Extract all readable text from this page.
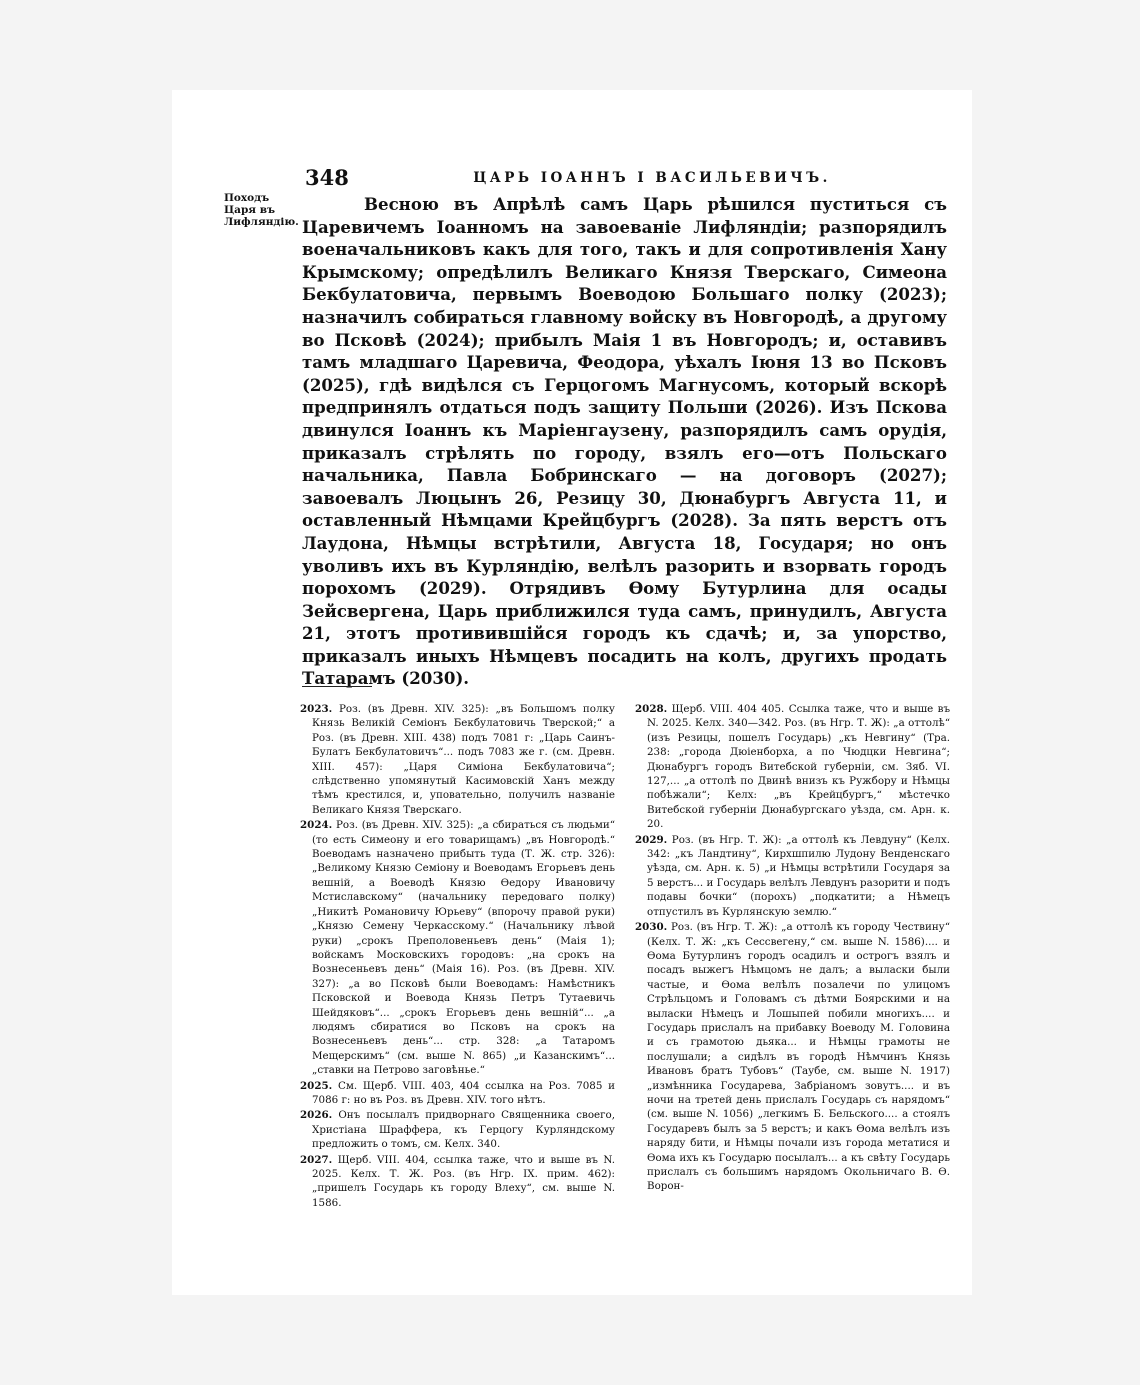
348	ЦАРЬ ІОАННЪ І ВАСИЛЬЕВИЧЪ.
Походъ Царя въ Лифляндію.
Весною въ Апрѣлѣ самъ Царь рѣшился пуститься съ Царевичемъ Іоанномъ на завоеваніе Лифляндіи; разпорядилъ военачальниковъ какъ для того, такъ и для сопротивленія Хану Крымскому; опредѣлилъ Великаго Князя Тверскаго, Симеона Бекбулатовича, первымъ Воеводою Большаго полку (2023); назначилъ собираться главному войску въ Новгородѣ, а другому во Псковѣ (2024); прибылъ Маія 1 въ Новгородъ; и, оставивъ тамъ младшаго Царевича, Феодора, уѣхалъ Іюня 13 во Псковъ (2025), гдѣ видѣлся съ Герцогомъ Магнусомъ, который вскорѣ предпринялъ отдаться подъ защиту Польши (2026). Изъ Пскова двинулся Іоаннъ къ Маріенгаузену, разпорядилъ самъ орудія, приказалъ стрѣлять по городу, взялъ его—отъ Польскаго начальника, Павла Бобринскаго — на договоръ (2027); завоевалъ Люцынъ 26, Резицу 30, Дюнабургъ Августа 11, и оставленный Нѣмцами Крейцбургъ (2028). За пять верстъ отъ Лаудона, Нѣмцы встрѣтили, Августа 18, Государя; но онъ уволивъ ихъ въ Курляндію, велѣлъ разорить и взорвать городъ порохомъ (2029). Отрядивъ Ѳому Бутурлина для осады Зейсвергена, Царь приближился туда самъ, принудилъ, Августа 21, этотъ противившійся городъ къ сдачѣ; и, за упорство, приказалъ иныхъ Нѣмцевъ посадить на колъ, другихъ продать Татарамъ (2030).

2023. Роз. (въ Древн. XIV. 325): „въ Большомъ полку Князь Великій Семіонъ Бекбулатовичь Тверской;“ а Роз. (въ Древн. XIII. 438) подъ 7081 г: „Царь Саинъ-Булатъ Бекбулатовичъ“... подъ 7083 же г. (см. Древн. XIII. 457): „Царя Симіона Бекбулатовича“; слѣдственно упомянутый Касимовскій Ханъ между тѣмъ крестился, и, уповательно, получилъ названіе Великаго Князя Тверскаго.

2024. Роз. (въ Древн. XIV. 325): „а сбираться съ людьми“ (то есть Симеону и его товарищамъ) „въ Новгородѣ.“ Воеводамъ назначено прибыть туда (Т. Ж. стр. 326): „Великому Князю Семіону и Воеводамъ Егорьевъ день вешній, а Воеводѣ Князю Ѳедору Ивановичу Мстиславскому“ (начальнику передоваго полку) „Никитѣ Романовичу Юрьеву“ (впорочу правой руки) „Князю Семену Черкасскому.“ (Начальнику лѣвой руки) „срокъ Преполовеньевъ день“ (Маія 1); войскамъ Московскихъ городовъ: „на срокъ на Вознесеньевъ день“ (Маія 16). Роз. (въ Древн. XIV. 327): „а во Псковѣ были Воеводамъ: Намѣстникъ Псковской и Воевода Князь Петръ Тутаевичь Шейдяковъ“... „срокъ Егорьевъ день вешній“... „а людямъ сбиратися во Псковъ на срокъ на Вознесеньевъ день“... стр. 328: „а Татаромъ Мещерскимъ“ (см. выше N. 865) „и Казанскимъ“... „ставки на Петрово заговѣнье.“

2025. См. Щерб. VIII. 403, 404 ссылка на Роз. 7085 и 7086 г: но въ Роз. въ Древн. XIV. того нѣтъ.

2026. Онъ посылалъ придворнаго Священника своего, Христіана Шраффера, къ Герцогу Курляндскому предложить о томъ, см. Келх. 340.

2027. Щерб. VIII. 404, ссылка таже, что и выше въ N. 2025. Келх. Т. Ж. Роз. (въ Нгр. IX. прим. 462): „пришелъ Государь къ городу Влеху“, см. выше N. 1586.

2028. Щерб. VIII. 404 405. Ссылка таже, что и выше въ N. 2025. Келх. 340—342. Роз. (въ Нгр. Т. Ж): „а оттолѣ“ (изъ Резицы, пошелъ Государь) „къ Невгину“ (Тра. 238: „города Дюіенборха, а по Чюдцки Невгина“; Дюнабургъ городъ Витебской губерніи, см. Зяб. VI. 127,... „а оттолѣ по Двинѣ внизъ къ Ружбору и Нѣмцы побѣжали“; Келх: „въ Крейцбургъ,“ мѣстечко Витебской губерніи Дюнабургскаго уѣзда, см. Арн. к. 20.

2029. Роз. (въ Нгр. Т. Ж): „а оттолѣ къ Левдуну“ (Келх. 342: „къ Ландтину“, Кирхшпилю Лудону Венденскаго уѣзда, см. Арн. к. 5) „и Нѣмцы встрѣтили Государя за 5 верстъ... и Государь велѣлъ Левдунъ разорити и подъ подавы бочки“ (порохъ) „подкатити; а Нѣмецъ отпустилъ въ Курлянскую землю.“

2030. Роз. (въ Нгр. Т. Ж): „а оттолѣ къ городу Чествину“ (Келх. Т. Ж: „къ Сессвегену,“ см. выше N. 1586).... и Ѳома Бутурлинъ городъ осадилъ и острогъ взялъ и посадъ выжегъ Нѣмцомъ не далъ; а выласки были частые, и Ѳома велѣлъ позалечи по улицомъ Стрѣльцомъ и Головамъ съ дѣтми Боярскими и на выласки Нѣмецъ и Лошыпей побили многихъ.... и Государь прислалъ на прибавку Воеводу М. Головина и съ грамотою дьяка... и Нѣмцы грамоты не послушали; а сидѣлъ въ городѣ Нѣмчинъ Князь Ивановъ братъ Тубовъ“ (Таубе, см. выше N. 1917) „измѣнника Государева, Забріаномъ зовутъ.... и въ ночи на третей день прислалъ Государь съ нарядомъ“ (см. выше N. 1056) „легкимъ Б. Бельского.... а стоялъ Государевъ былъ за 5 верстъ; и какъ Ѳома велѣлъ изъ наряду бити, и Нѣмцы почали изъ города метатися и Ѳома ихъ къ Государю посылалъ... а къ свѣту Государь прислалъ съ большимъ нарядомъ Окольничаго В. Ѳ. Ворон-
